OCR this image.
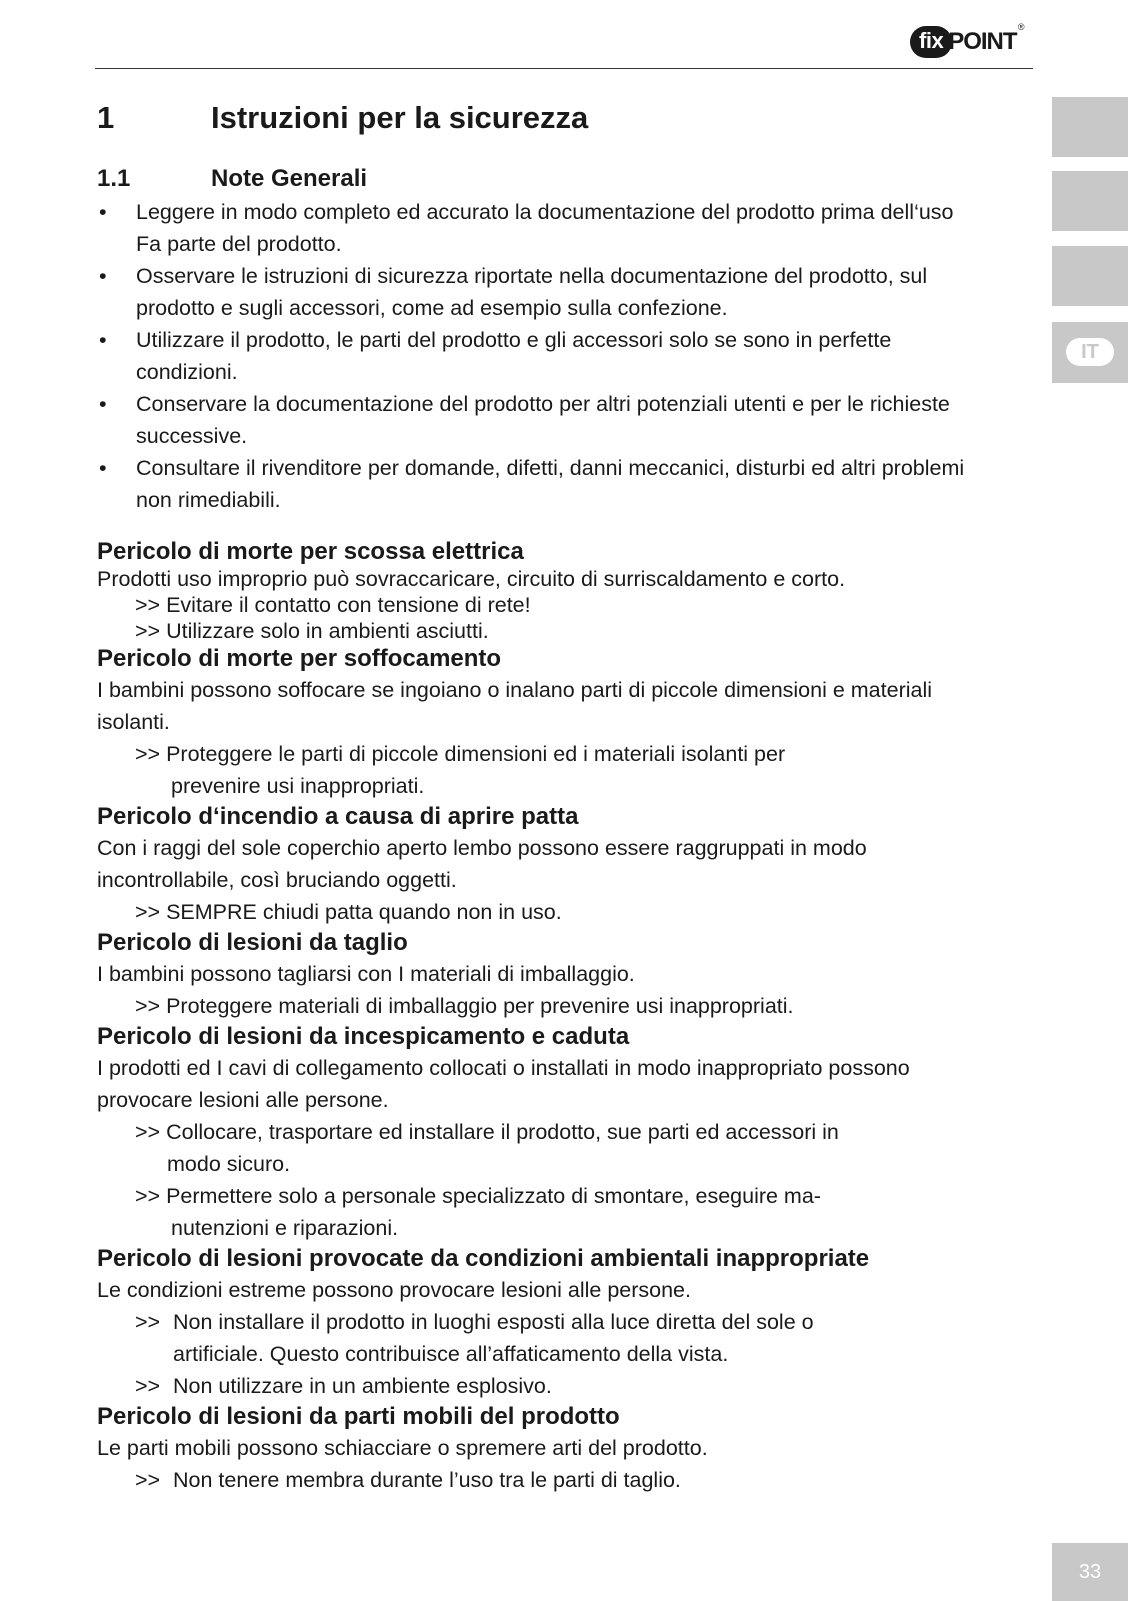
fix POINT
®
IT
33
1	Istruzioni per la sicurezza
1.1	Note Generali
• Leggere in modo completo ed accurato la documentazione del prodotto prima dell‘uso Fa parte del prodotto.
• Osservare le istruzioni di sicurezza riportate nella documentazione del prodotto, sul prodotto e sugli accessori, come ad esempio sulla confezione.
• Utilizzare il prodotto, le parti del prodotto e gli accessori solo se sono in perfette condizioni.
• Conservare la documentazione del prodotto per altri potenziali utenti e per le richieste successive.
• Consultare il rivenditore per domande, difetti, danni meccanici, disturbi ed altri problemi non rimediabili.

Pericolo di morte per scossa elettrica

Prodotti uso improprio può sovraccaricare, circuito di surriscaldamento e corto.

>> Evitare il contatto con tensione di rete!

>> Utilizzare solo in ambienti asciutti.

Pericolo di morte per soffocamento

I bambini possono soffocare se ingoiano o inalano parti di piccole dimensioni e materiali isolanti.

>> Proteggere le parti di piccole dimensioni ed i materiali isolanti per
prevenire usi inappropriati.

Pericolo d‘incendio a causa di aprire patta

Con i raggi del sole coperchio aperto lembo possono essere raggruppati in modo incontrollabile, così bruciando oggetti.

>> SEMPRE chiudi patta quando non in uso.

Pericolo di lesioni da taglio

I bambini possono tagliarsi con I materiali di imballaggio.

>> Proteggere materiali di imballaggio per prevenire usi inappropriati.

Pericolo di lesioni da incespicamento e caduta

I prodotti ed I cavi di collegamento collocati o installati in modo inappropriato possono provocare lesioni alle persone.

>> Collocare, trasportare ed installare il prodotto, sue parti ed accessori in
modo sicuro.

>> Permettere solo a personale specializzato di smontare, eseguire ma-
nutenzioni e riparazioni.

Pericolo di lesioni provocate da condizioni ambientali inappropriate

Le condizioni estreme possono provocare lesioni alle persone.

>> Non installare il prodotto in luoghi esposti alla luce diretta del sole o
artificiale. Questo contribuisce all’affaticamento della vista.

>> Non utilizzare in un ambiente esplosivo.

Pericolo di lesioni da parti mobili del prodotto

Le parti mobili possono schiacciare o spremere arti del prodotto.

>> Non tenere membra durante l’uso tra le parti di taglio.
